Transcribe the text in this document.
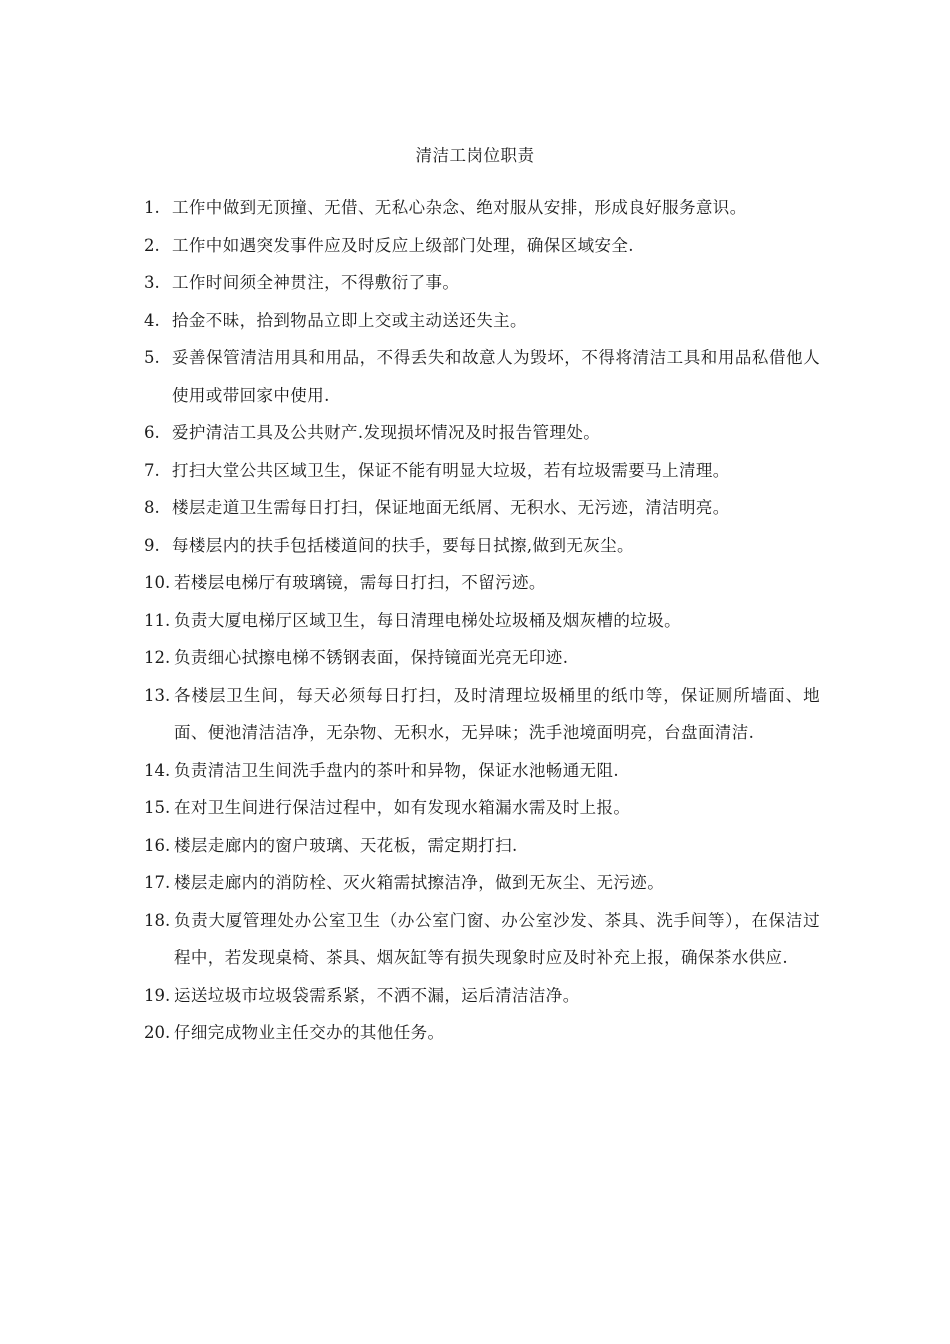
清洁工岗位职责
1. 工作中做到无顶撞、无借、无私心杂念、绝对服从安排，形成良好服务意识。
2. 工作中如遇突发事件应及时反应上级部门处理，确保区域安全.
3. 工作时间须全神贯注，不得敷衍了事。
4. 拾金不昧，拾到物品立即上交或主动送还失主。
5. 妥善保管清洁用具和用品，不得丢失和故意人为毁坏，不得将清洁工具和用品私借他人使用或带回家中使用.
6. 爱护清洁工具及公共财产.发现损坏情况及时报告管理处。
7. 打扫大堂公共区域卫生，保证不能有明显大垃圾，若有垃圾需要马上清理。
8. 楼层走道卫生需每日打扫，保证地面无纸屑、无积水、无污迹，清洁明亮。
9. 每楼层内的扶手包括楼道间的扶手，要每日拭擦,做到无灰尘。
10. 若楼层电梯厅有玻璃镜，需每日打扫，不留污迹。
11. 负责大厦电梯厅区域卫生，每日清理电梯处垃圾桶及烟灰槽的垃圾。
12. 负责细心拭擦电梯不锈钢表面，保持镜面光亮无印迹.
13. 各楼层卫生间，每天必须每日打扫，及时清理垃圾桶里的纸巾等，保证厕所墙面、地面、便池清洁洁净，无杂物、无积水，无异味；洗手池境面明亮，台盘面清洁.
14. 负责清洁卫生间洗手盘内的茶叶和异物，保证水池畅通无阻.
15. 在对卫生间进行保洁过程中，如有发现水箱漏水需及时上报。
16. 楼层走廊内的窗户玻璃、天花板，需定期打扫.
17. 楼层走廊内的消防栓、灭火箱需拭擦洁净，做到无灰尘、无污迹。
18. 负责大厦管理处办公室卫生（办公室门窗、办公室沙发、茶具、洗手间等），在保洁过程中，若发现桌椅、茶具、烟灰缸等有损失现象时应及时补充上报，确保茶水供应.
19. 运送垃圾市垃圾袋需系紧，不洒不漏，运后清洁洁净。
20. 仔细完成物业主任交办的其他任务。
